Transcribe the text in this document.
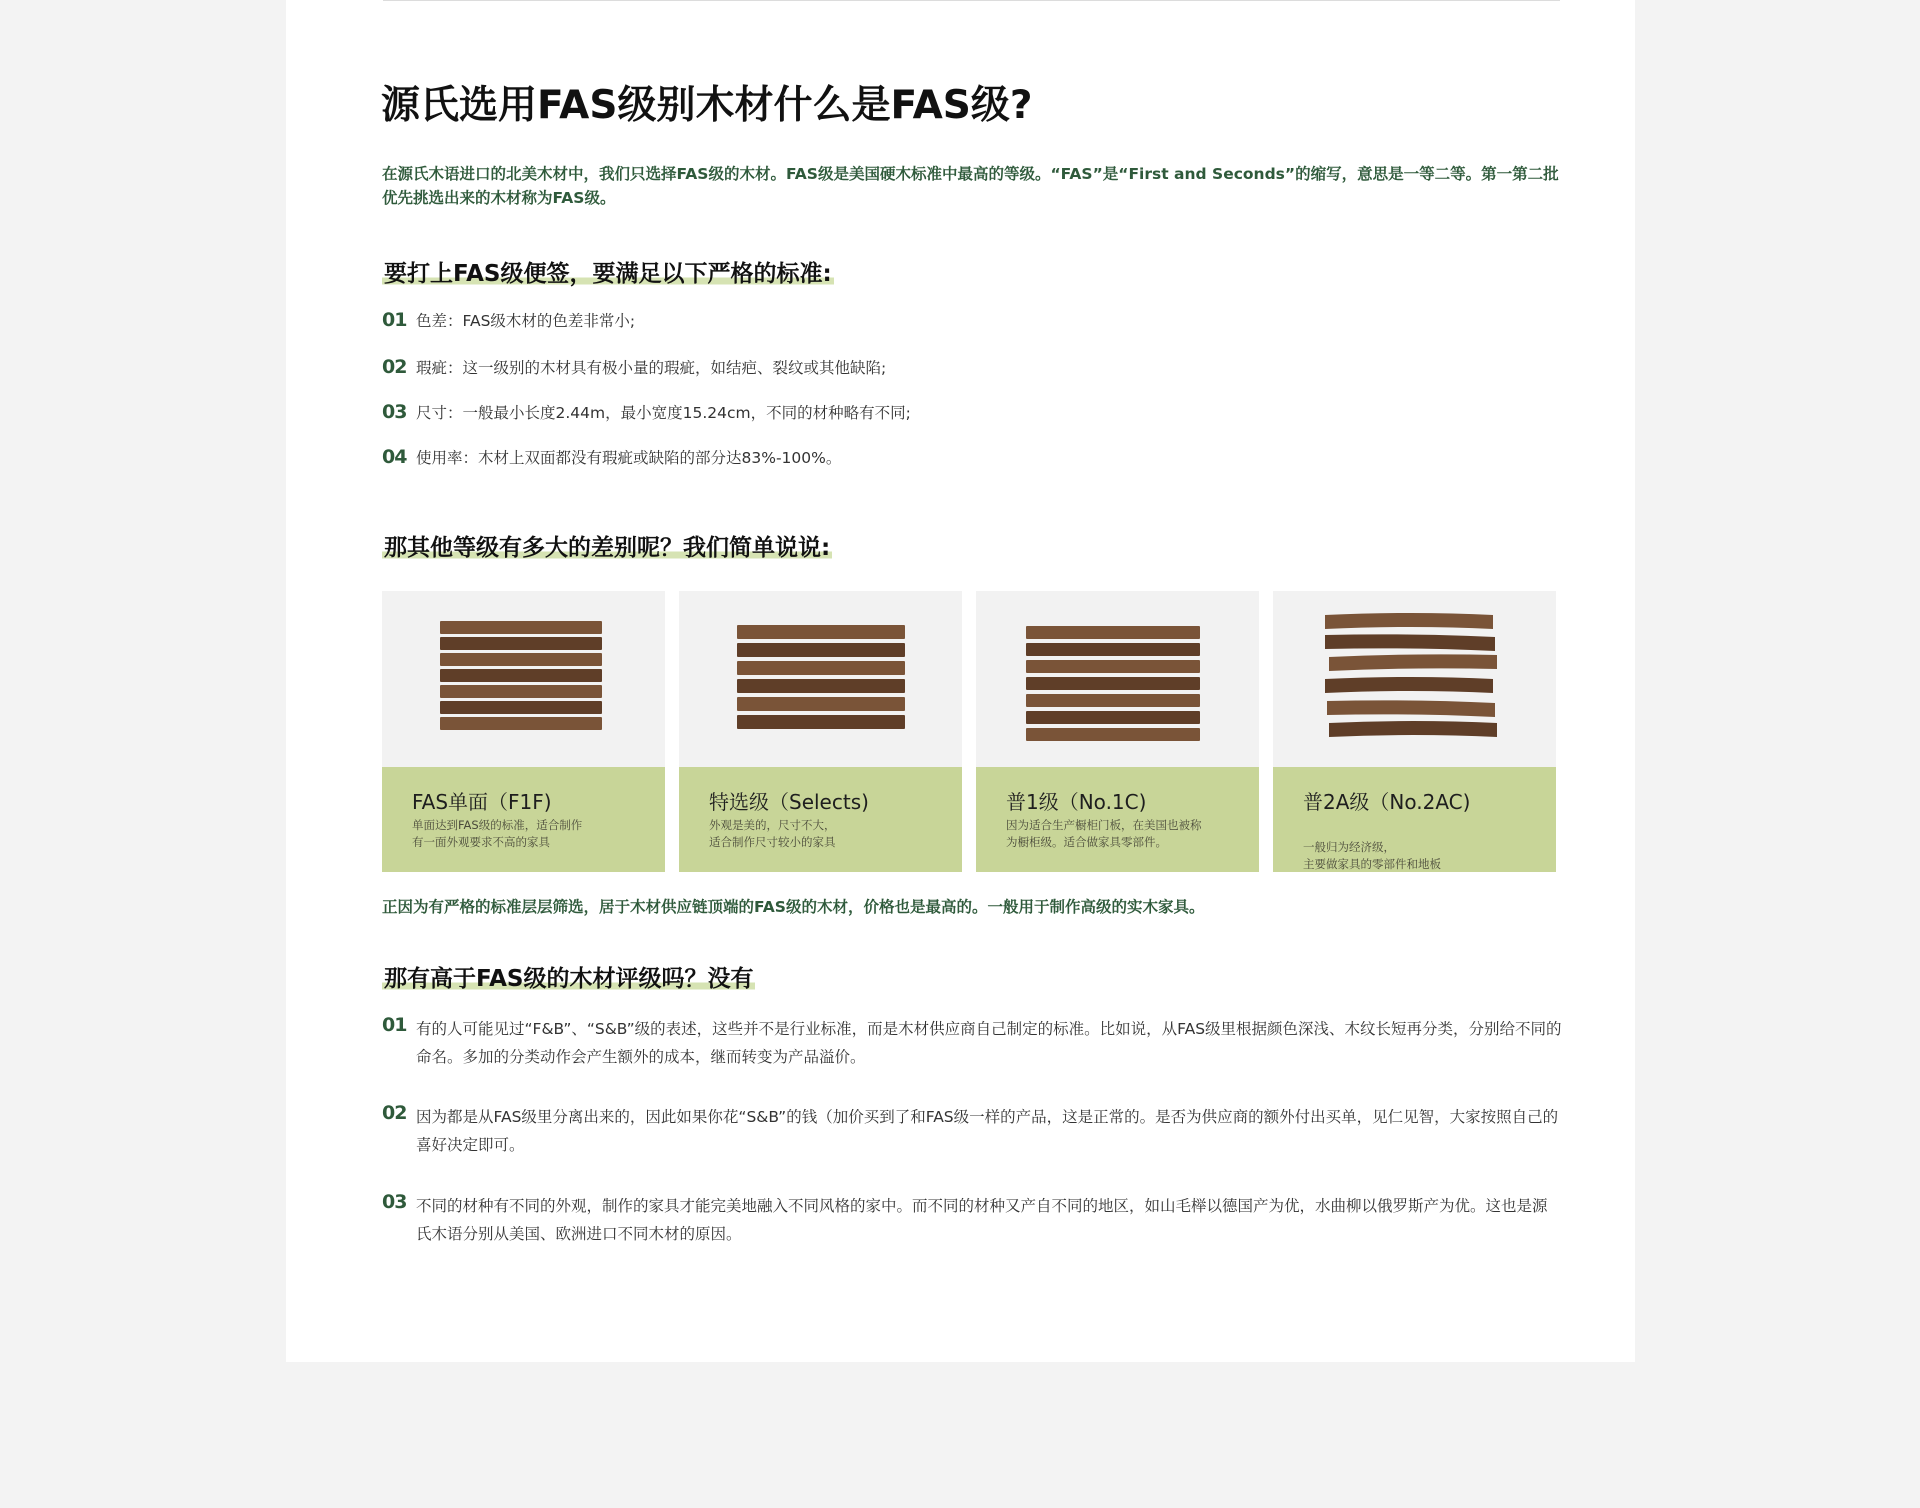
源氏选用FAS级别木材什么是FAS级?

在源氏木语进口的北美木材中，我们只选择FAS级的木材。FAS级是美国硬木标准中最高的等级。“FAS”是“First and Seconds”的缩写，意思是一等二等。第一第二批优先挑选出来的木材称为FAS级。

要打上FAS级便签，要满足以下严格的标准:
01 色差：FAS级木材的色差非常小;
02 瑕疵：这一级别的木材具有极小量的瑕疵，如结疤、裂纹或其他缺陷;
03 尺寸：一般最小长度2.44m，最小宽度15.24cm，不同的材种略有不同;
04 使用率：木材上双面都没有瑕疵或缺陷的部分达83%-100%。
那其他等级有多大的差别呢？我们简单说说:
FAS单面（F1F)
单面达到FAS级的标准，适合制作
有一面外观要求不高的家具
特选级（Selects)
外观是美的，尺寸不大，
适合制作尺寸较小的家具
普1级（No.1C)
因为适合生产橱柜门板，在美国也被称
为橱柜级。适合做家具零部件。
普2A级（No.2AC)
一般归为经济级，
主要做家具的零部件和地板

正因为有严格的标准层层筛选，居于木材供应链顶端的FAS级的木材，价格也是最高的。一般用于制作高级的实木家具。

那有高于FAS级的木材评级吗？没有
01 有的人可能见过“F&B”、“S&B”级的表述，这些并不是行业标准，而是木材供应商自己制定的标准。比如说，从FAS级里根据颜色深浅、木纹长短再分类，分别给不同的命名。多加的分类动作会产生额外的成本，继而转变为产品溢价。
02 因为都是从FAS级里分离出来的，因此如果你花“S&B”的钱（加价买到了和FAS级一样的产品，这是正常的。是否为供应商的额外付出买单，见仁见智，大家按照自己的喜好决定即可。
03 不同的材种有不同的外观，制作的家具才能完美地融入不同风格的家中。而不同的材种又产自不同的地区，如山毛榉以德国产为优，水曲柳以俄罗斯产为优。这也是源氏木语分别从美国、欧洲进口不同木材的原因。
